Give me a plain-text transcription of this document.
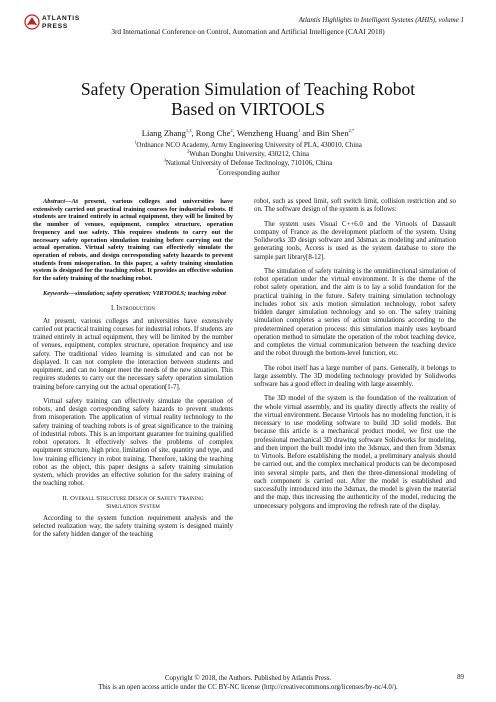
ATLANTIS
PRESS
Atlantis Highlights in Intelligent Systems (AHIS), volume 1
3rd International Conference on Control, Automation and Artificial Intelligence (CAAI 2018)
Safety Operation Simulation of Teaching Robot
Based on VIRTOOLS
Liang Zhang$^{1,3}$, Rong Che$^2$, Wenzheng Huang$^1$ and Bin Shen$^{2,*}$
$^1$Ordnance NCO Academy, Army Engineering University of PLA, 430010, China
$^2$Wuhan Donghu University, 430212, China
$^3$National University of Defense Technology, 710106, China
*Corresponding author

Abstract—At present, various colleges and universities have extensively carried out practical training courses for industrial robots. If students are trained entirely in actual equipment, they will be limited by the number of venues, equipment, complex structure, operation frequency and use safety. This requires students to carry out the necessary safety operation simulation training before carrying out the actual operation. Virtual safety training can effectively simulate the operation of robots, and design corresponding safety hazards to prevent students from misoperation. In this paper, a safety training simulation system is designed for the teaching robot. It provides an effective solution for the safety training of the teaching robot.

Keywords—simulation; safety operation; VIRTOOLS; teaching robot

I. Introduction

At present, various colleges and universities have extensively carried out practical training courses for industrial robots. If students are trained entirely in actual equipment, they will be limited by the number of venues, equipment, complex structure, operation frequency and use safety. The traditional video learning is simulated and can not be displayed. It can not complete the interaction between students and equipment, and can no longer meet the needs of the new situation. This requires students to carry out the necessary safety operation simulation training before carrying out the actual operation[1-7].

Virtual safety training can effectively simulate the operation of robots, and design corresponding safety hazards to prevent students from misoperation. The application of virtual reality technology to the safety training of teaching robots is of great significance to the training of industrial robots. This is an important guarantee for training qualified robot operators. It effectively solves the problems of complex equipment structure, high price, limitation of site, quantity and type, and low training efficiency in robot training. Therefore, taking the teaching robot as the object, this paper designs a safety training simulation system, which provides an effective solution for the safety training of the teaching robot.

II. Overall Structure Design of Safety Training
Simulation System

According to the system function requirement analysis and the selected realization way, the safety training system is designed mainly for the safety hidden danger of the teaching

robot, such as speed limit, soft switch limit, collision restriction and so on. The software design of the system is as follows:

The system uses Visual C++6.0 and the Virtools of Dassault company of France as the development platform of the system. Using Solidworks 3D design software and 3dsmax as modeling and animation generating tools, Access is used as the system database to store the sample part library[8-12].

The simulation of safety training is the omnidirectional simulation of robot operation under the virtual environment. It is the theme of the robot safety operation, and the aim is to lay a solid foundation for the practical training in the future. Safety training simulation technology includes robot six axis motion simulation technology, robot safety hidden danger simulation technology and so on. The safety training simulation completes a series of action simulations according to the predetermined operation process: this simulation mainly uses keyboard operation method to simulate the operation of the robot teaching device, and completes the virtual communication between the teaching device and the robot through the bottom-level function, etc.

The robot itself has a large number of parts. Generally, it belongs to large assembly. The 3D modeling technology provided by Solidworks software has a good effect in dealing with large assembly.

The 3D model of the system is the foundation of the realization of the whole virtual assembly, and its quality directly affects the reality of the virtual environment. Because Virtools has no modeling function, it is necessary to use modeling software to build 3D solid models. But because this article is a mechanical product model, we first use the professional mechanical 3D drawing software Solidworks for modeling, and then import the built model into the 3dsmax, and then from 3dsmax to Virtools. Before establishing the model, a preliminary analysis should be carried out, and the complex mechanical products can be decomposed into several simple parts, and then the three-dimensional modeling of each component is carried out. After the model is established and successfully introduced into the 3dsmax, the model is given the material and the map, thus increasing the authenticity of the model, reducing the unnecessary polygons and improving the refresh rate of the display.

Copyright © 2018, the Authors. Published by Atlantis Press.
This is an open access article under the CC BY-NC license (http://creativecommons.org/licenses/by-nc/4.0/).
89
